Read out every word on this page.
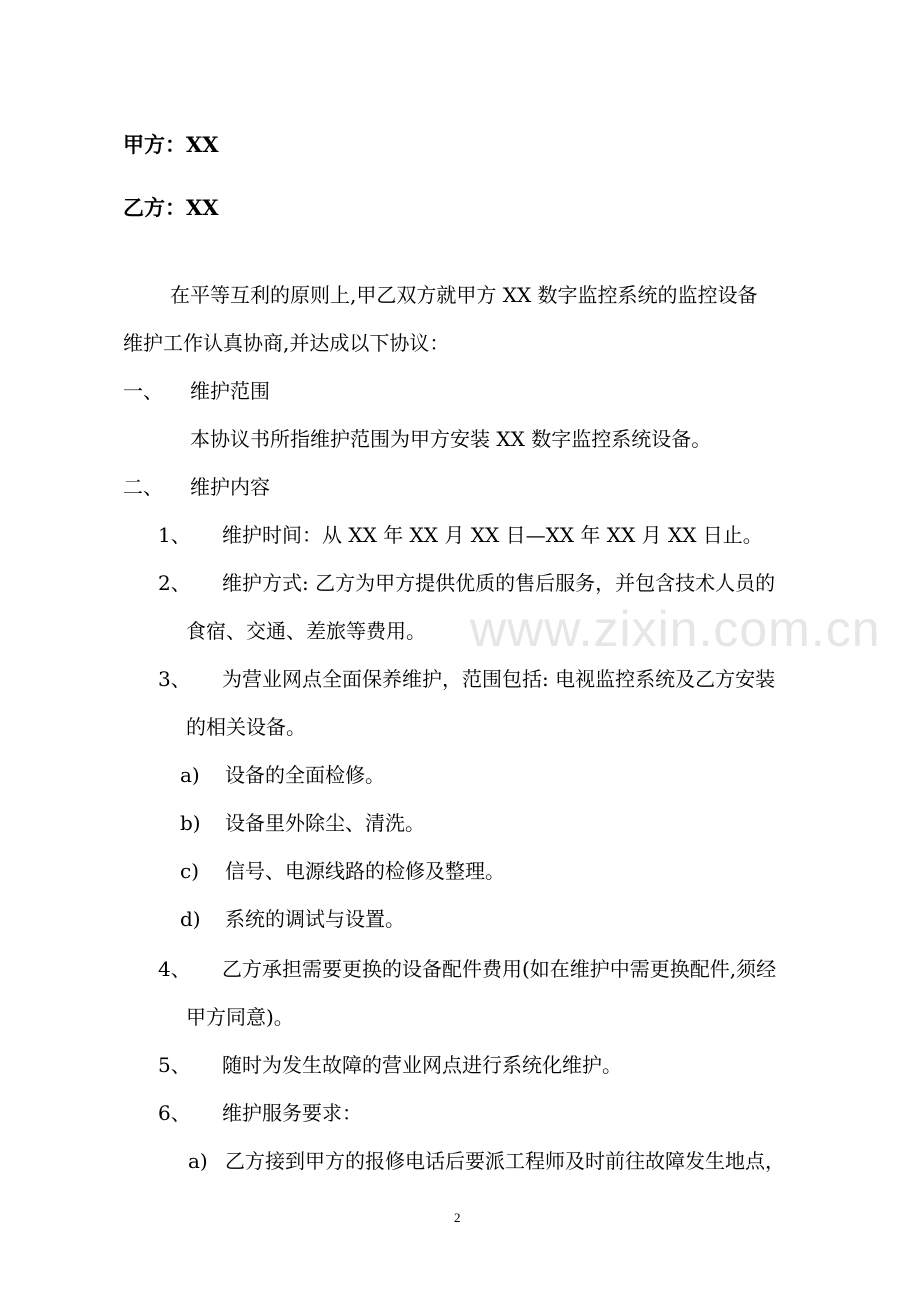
www.zixin.com.cn
甲方：XX
乙方：XX
在平等互利的原则上,甲乙双方就甲方 XX 数字监控系统的监控设备
维护工作认真协商,并达成以下协议：
一、 维护范围
本协议书所指维护范围为甲方安装 XX 数字监控系统设备。
二、 维护内容
1、 维护时间：从 XX 年 XX 月 XX 日—XX 年 XX 月 XX 日止。
2、 维护方式: 乙方为甲方提供优质的售后服务，并包含技术人员的
食宿、交通、差旅等费用。
3、 为营业网点全面保养维护，范围包括: 电视监控系统及乙方安装
的相关设备。
a) 设备的全面检修。
b) 设备里外除尘、清洗。
c) 信号、电源线路的检修及整理。
d) 系统的调试与设置。
4、 乙方承担需要更换的设备配件费用(如在维护中需更换配件,须经
甲方同意)。
5、 随时为发生故障的营业网点进行系统化维护。
6、 维护服务要求：
a) 乙方接到甲方的报修电话后要派工程师及时前往故障发生地点，
2
